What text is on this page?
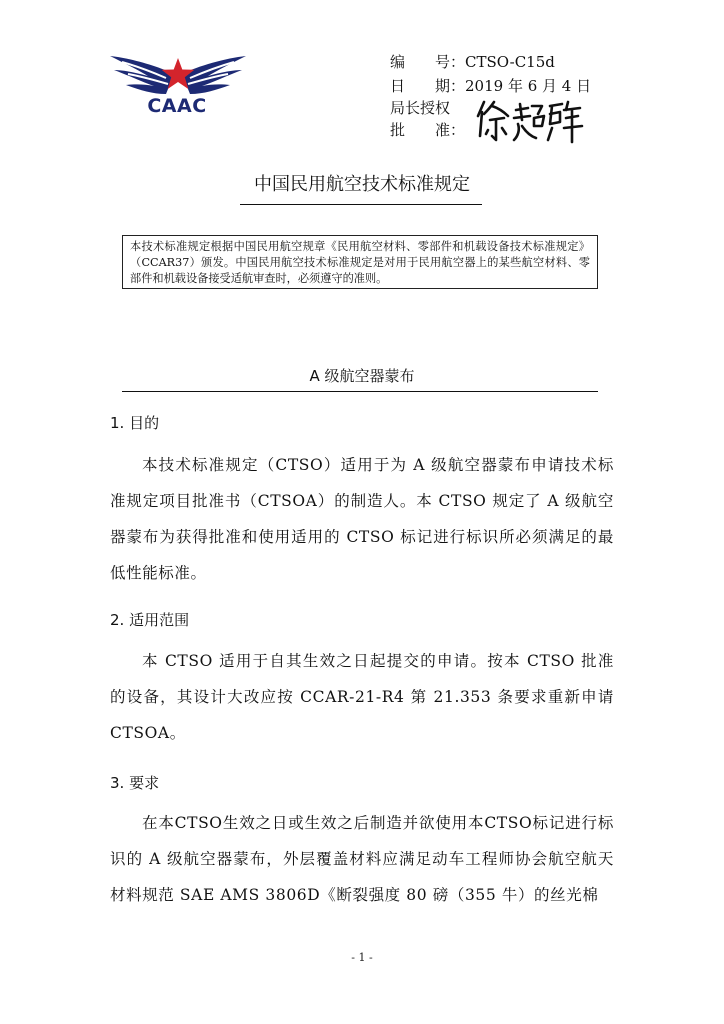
CAAC
编　　号：CTSO-C15d
日　　期：2019 年 6 月 4 日
局长授权
批　　准：
中国民用航空技术标准规定
本技术标准规定根据中国民用航空规章《民用航空材料、零部件和机载设备技术标准规定》（CCAR37）颁发。中国民用航空技术标准规定是对用于民用航空器上的某些航空材料、零部件和机载设备接受适航审查时，必须遵守的准则。
A 级航空器蒙布
1. 目的
本技术标准规定（CTSO）适用于为 A 级航空器蒙布申请技术标准规定项目批准书（CTSOA）的制造人。本 CTSO 规定了 A 级航空器蒙布为获得批准和使用适用的 CTSO 标记进行标识所必须满足的最低性能标准。
2. 适用范围
本 CTSO 适用于自其生效之日起提交的申请。按本 CTSO 批准的设备，其设计大改应按 CCAR-21-R4 第 21.353 条要求重新申请 CTSOA。
3. 要求
在本CTSO生效之日或生效之后制造并欲使用本CTSO标记进行标识的 A 级航空器蒙布，外层覆盖材料应满足动车工程师协会航空航天材料规范 SAE AMS 3806D《断裂强度 80 磅（355 牛）的丝光棉
- 1 -
